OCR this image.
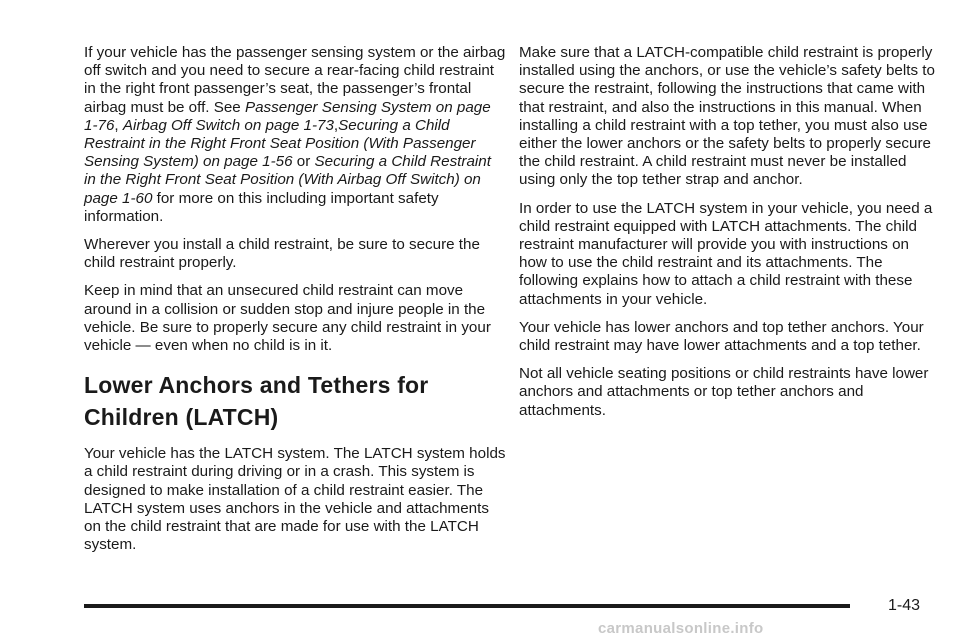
If your vehicle has the passenger sensing system or the airbag off switch and you need to secure a rear-facing child restraint in the right front passenger’s seat, the passenger’s frontal airbag must be off. See Passenger Sensing System on page 1-76, Airbag Off Switch on page 1-73,Securing a Child Restraint in the Right Front Seat Position (With Passenger Sensing System) on page 1-56 or Securing a Child Restraint in the Right Front Seat Position (With Airbag Off Switch) on page 1-60 for more on this including important safety information.

Wherever you install a child restraint, be sure to secure the child restraint properly.

Keep in mind that an unsecured child restraint can move around in a collision or sudden stop and injure people in the vehicle. Be sure to properly secure any child restraint in your vehicle — even when no child is in it.

Lower Anchors and Tethers for Children (LATCH)

Your vehicle has the LATCH system. The LATCH system holds a child restraint during driving or in a crash. This system is designed to make installation of a child restraint easier. The LATCH system uses anchors in the vehicle and attachments on the child restraint that are made for use with the LATCH system.

Make sure that a LATCH-compatible child restraint is properly installed using the anchors, or use the vehicle’s safety belts to secure the restraint, following the instructions that came with that restraint, and also the instructions in this manual. When installing a child restraint with a top tether, you must also use either the lower anchors or the safety belts to properly secure the child restraint. A child restraint must never be installed using only the top tether strap and anchor.

In order to use the LATCH system in your vehicle, you need a child restraint equipped with LATCH attachments. The child restraint manufacturer will provide you with instructions on how to use the child restraint and its attachments. The following explains how to attach a child restraint with these attachments in your vehicle.

Your vehicle has lower anchors and top tether anchors. Your child restraint may have lower attachments and a top tether.

Not all vehicle seating positions or child restraints have lower anchors and attachments or top tether anchors and attachments.

1-43
carmanualsonline.info
